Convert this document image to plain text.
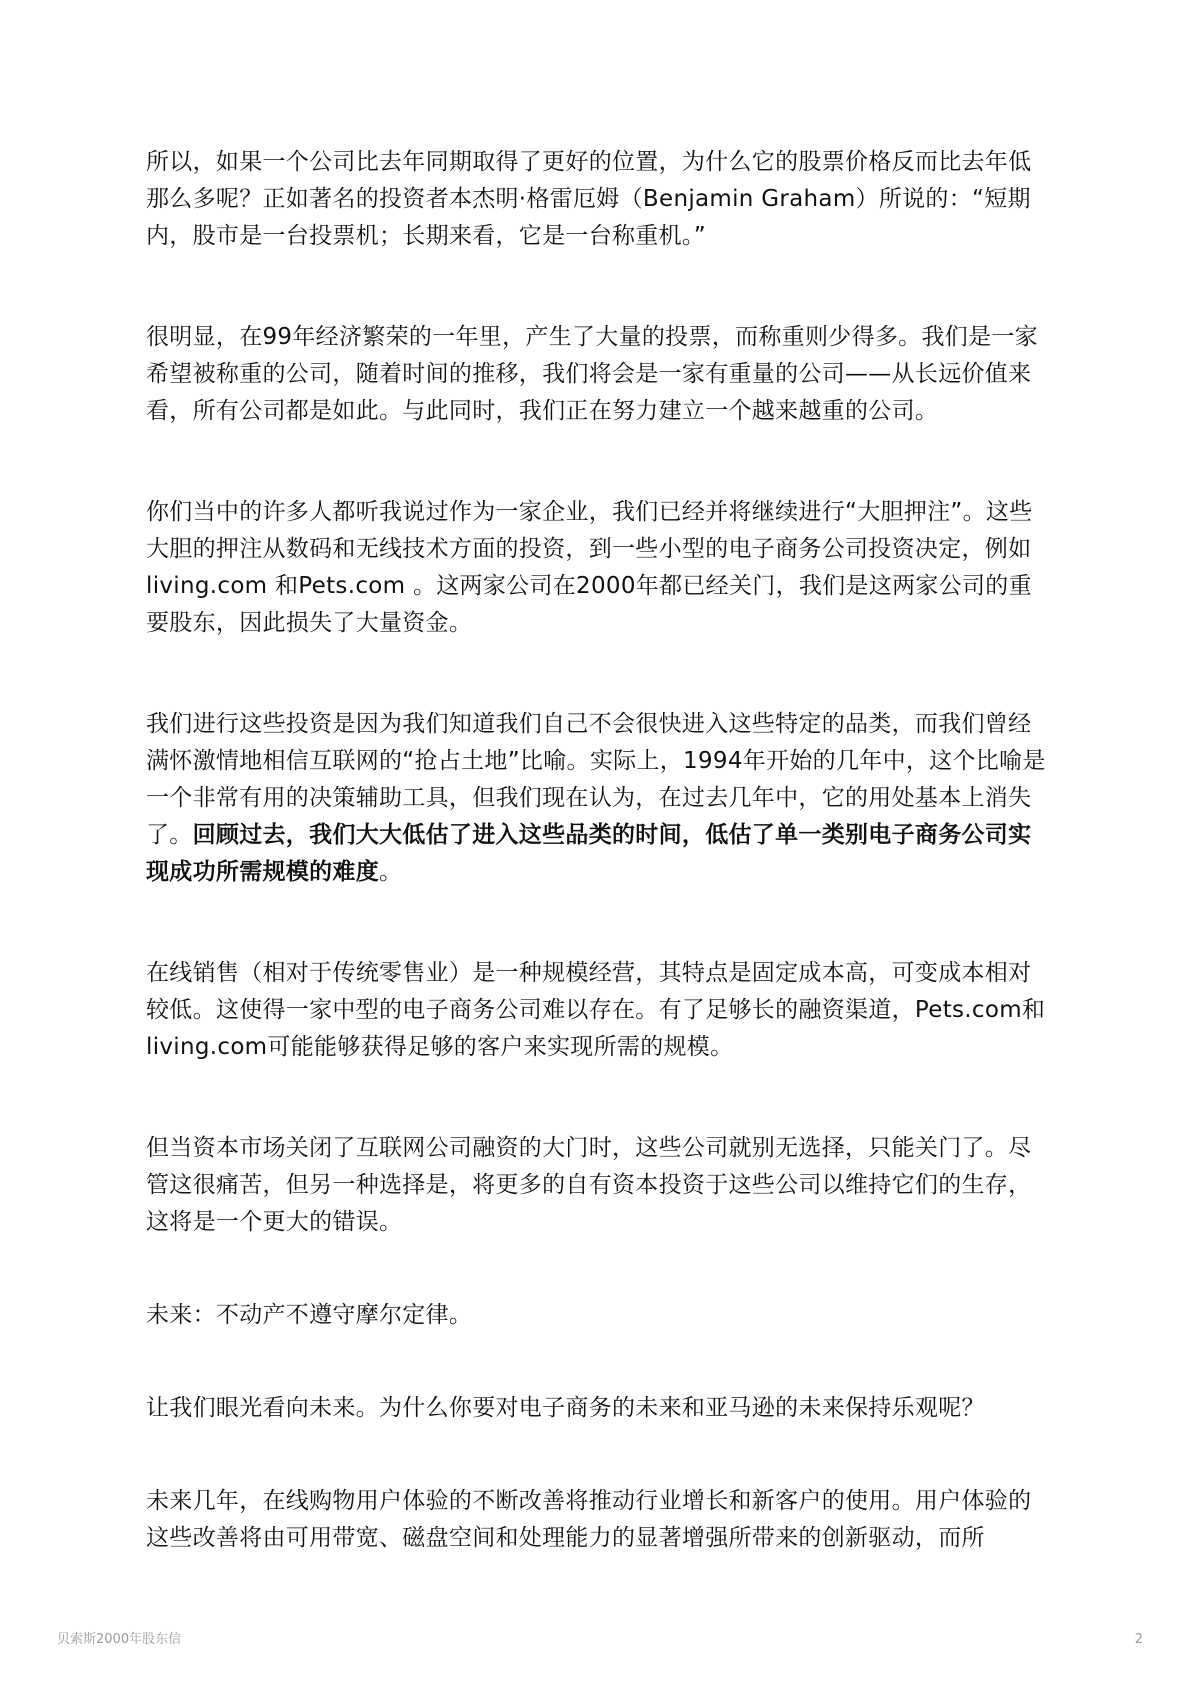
所以，如果一个公司比去年同期取得了更好的位置，为什么它的股票价格反而比去年低那么多呢？正如著名的投资者本杰明·格雷厄姆（Benjamin Graham）所说的：“短期内，股市是一台投票机；长期来看，它是一台称重机。”

很明显，在99年经济繁荣的一年里，产生了大量的投票，而称重则少得多。我们是一家希望被称重的公司，随着时间的推移，我们将会是一家有重量的公司——从长远价值来看，所有公司都是如此。与此同时，我们正在努力建立一个越来越重的公司。

你们当中的许多人都听我说过作为一家企业，我们已经并将继续进行“大胆押注”。这些大胆的押注从数码和无线技术方面的投资，到一些小型的电子商务公司投资决定，例如living.com 和Pets.com 。这两家公司在2000年都已经关门，我们是这两家公司的重要股东，因此损失了大量资金。

我们进行这些投资是因为我们知道我们自己不会很快进入这些特定的品类，而我们曾经满怀激情地相信互联网的“抢占土地”比喻。实际上，1994年开始的几年中，这个比喻是一个非常有用的决策辅助工具，但我们现在认为，在过去几年中，它的用处基本上消失了。回顾过去，我们大大低估了进入这些品类的时间，低估了单一类别电子商务公司实现成功所需规模的难度。

在线销售（相对于传统零售业）是一种规模经营，其特点是固定成本高，可变成本相对较低。这使得一家中型的电子商务公司难以存在。有了足够长的融资渠道，Pets.com和living.com可能能够获得足够的客户来实现所需的规模。

但当资本市场关闭了互联网公司融资的大门时，这些公司就别无选择，只能关门了。尽管这很痛苦，但另一种选择是，将更多的自有资本投资于这些公司以维持它们的生存，这将是一个更大的错误。

未来：不动产不遵守摩尔定律。

让我们眼光看向未来。为什么你要对电子商务的未来和亚马逊的未来保持乐观呢？

未来几年，在线购物用户体验的不断改善将推动行业增长和新客户的使用。用户体验的这些改善将由可用带宽、磁盘空间和处理能力的显著增强所带来的创新驱动，而所

贝索斯2000年股东信	2
